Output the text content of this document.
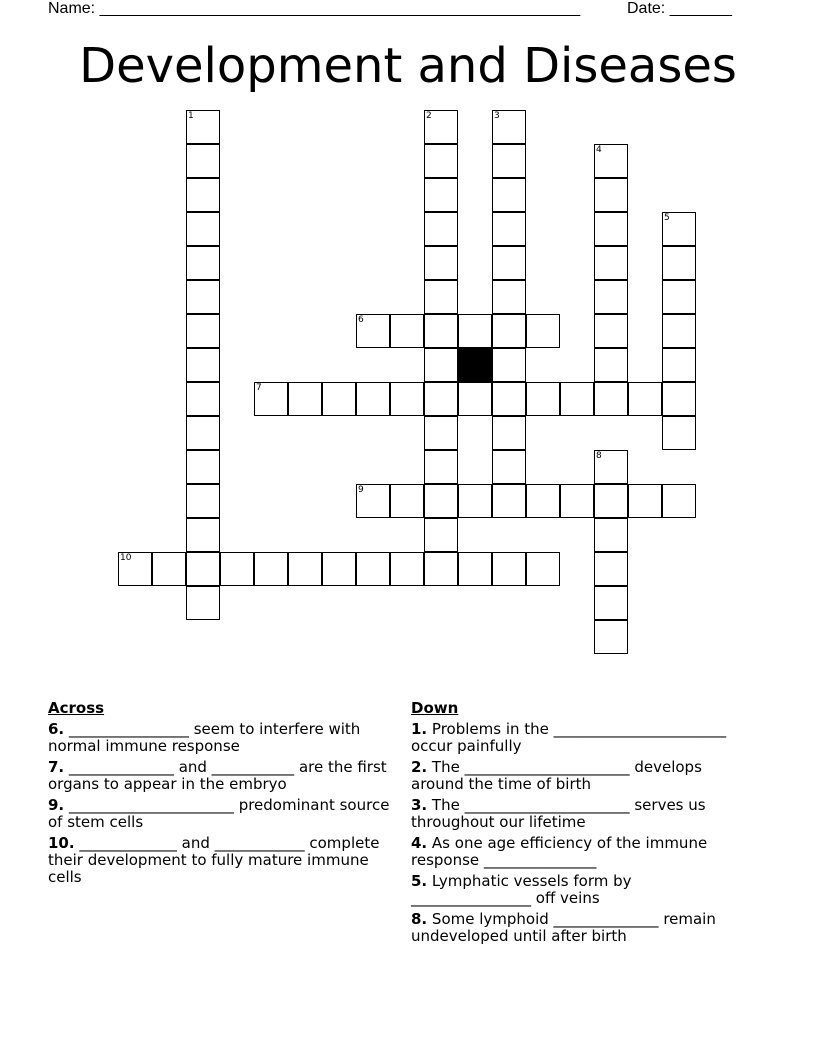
Name: ______________________________________________________	Date: _______
Development and Diseases
1	2	3
4
5
6
7
8
9
10
Across
6. ________________ seem to interfere with normal immune response
7. ______________ and ___________ are the first organs to appear in the embryo
9. ______________________ predominant source of stem cells
10. _____________ and ____________ complete their development to fully mature immune cells
Down
1. Problems in the _______________________ occur painfully
2. The ______________________ develops around the time of birth
3. The ______________________ serves us throughout our lifetime
4. As one age efficiency of the immune response _______________
5. Lymphatic vessels form by ________________ off veins
8. Some lymphoid ______________ remain undeveloped until after birth
